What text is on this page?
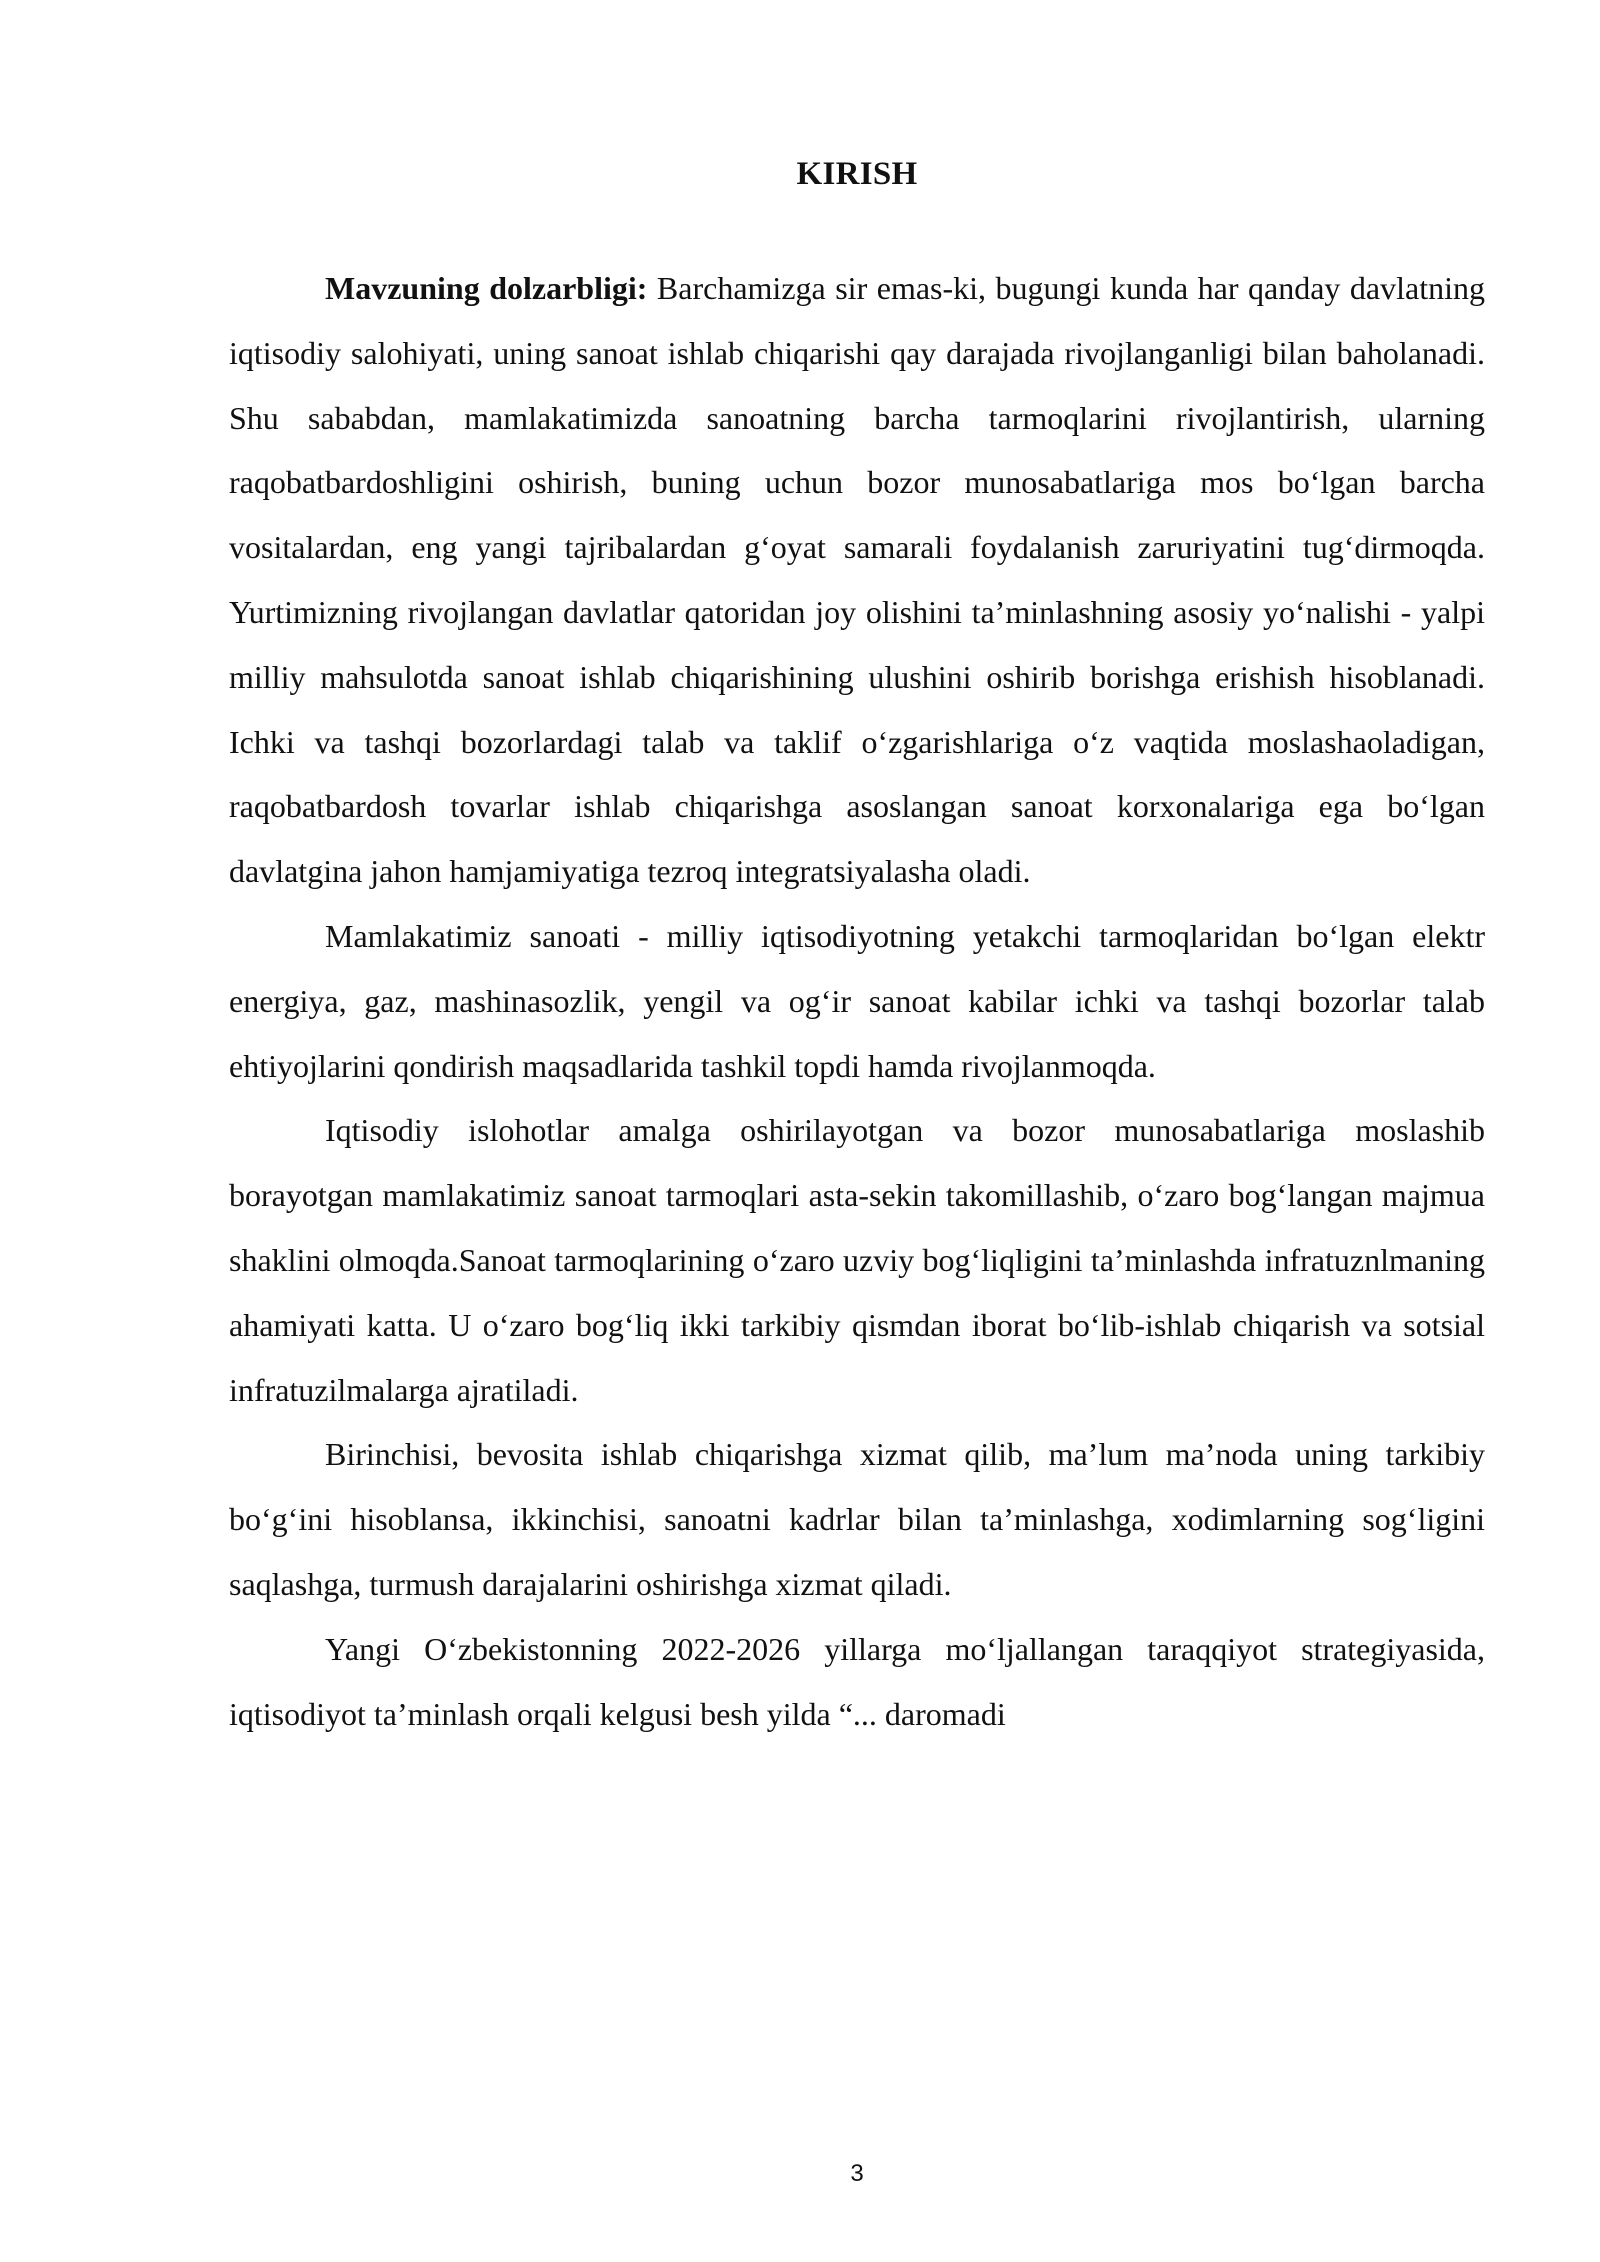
KIRISH

Mavzuning dolzarbligi: Barchamizga sir emas-ki, bugungi kunda har qanday davlatning iqtisodiy salohiyati, uning sanoat ishlab chiqarishi qay darajada rivojlanganligi bilan baholanadi. Shu sababdan, mamlakatimizda sanoatning barcha tarmoqlarini rivojlantirish, ularning raqobatbardoshligini oshirish, buning uchun bozor munosabatlariga mos boʻlgan barcha vositalardan, eng yangi tajribalardan gʻoyat samarali foydalanish zaruriyatini tugʻdirmoqda. Yurtimizning rivojlangan davlatlar qatoridan joy olishini taʼminlashning asosiy yoʻnalishi - yalpi milliy mahsulotda sanoat ishlab chiqarishining ulushini oshirib borishga erishish hisoblanadi. Ichki va tashqi bozorlardagi talab va taklif oʻzgarishlariga oʻz vaqtida moslashaoladigan, raqobatbardosh tovarlar ishlab chiqarishga asoslangan sanoat korxonalariga ega boʻlgan davlatgina jahon hamjamiyatiga tezroq integratsiyalasha oladi.

Mamlakatimiz sanoati - milliy iqtisodiyotning yetakchi tarmoqlaridan boʻlgan elektr energiya, gaz, mashinasozlik, yengil va ogʻir sanoat kabilar ichki va tashqi bozorlar talab ehtiyojlarini qondirish maqsadlarida tashkil topdi hamda rivojlanmoqda.

Iqtisodiy islohotlar amalga oshirilayotgan va bozor munosabatlariga moslashib borayotgan mamlakatimiz sanoat tarmoqlari asta-sekin takomillashib, oʻzaro bogʻlangan majmua shaklini olmoqda.Sanoat tarmoqlarining oʻzaro uzviy bogʻliqligini taʼminlashda infratuznlmaning ahamiyati katta. U oʻzaro bogʻliq ikki tarkibiy qismdan iborat boʻlib-ishlab chiqarish va sotsial infratuzilmalarga ajratiladi.

Birinchisi, bevosita ishlab chiqarishga xizmat qilib, maʼlum maʼnoda uning tarkibiy boʻgʻini hisoblansa, ikkinchisi, sanoatni kadrlar bilan taʼminlashga, xodimlarning sogʻligini saqlashga, turmush darajalarini oshirishga xizmat qiladi.

Yangi Oʻzbekistonning 2022-2026 yillarga moʻljallangan taraqqiyot strategiyasida, iqtisodiyot taʼminlash orqali kelgusi besh yilda “... daromadi

3
